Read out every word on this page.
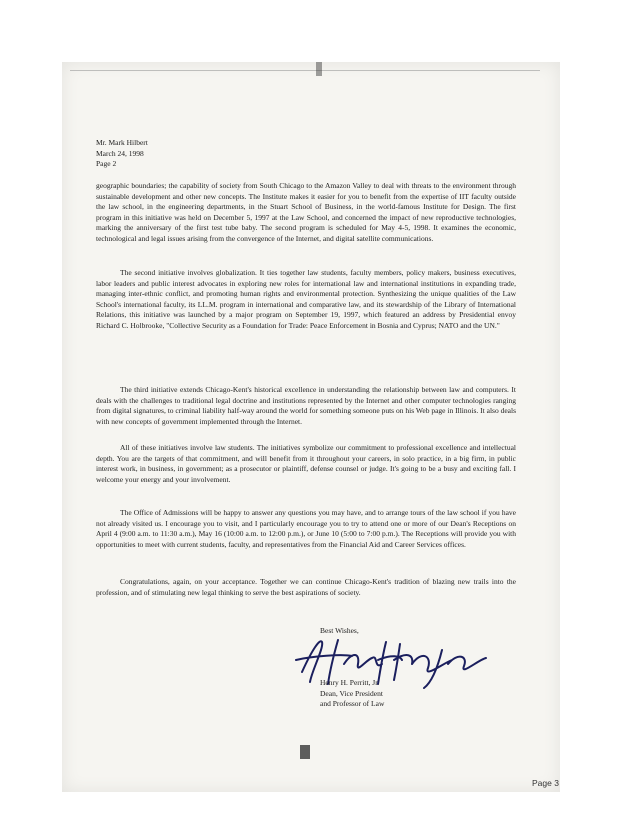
Mr. Mark Hilbert
March 24, 1998
Page 2

geographic boundaries; the capability of society from South Chicago to the Amazon Valley to deal with threats to the environment through sustainable development and other new concepts. The Institute makes it easier for you to benefit from the expertise of IIT faculty outside the law school, in the engineering departments, in the Stuart School of Business, in the world-famous Institute for Design. The first program in this initiative was held on December 5, 1997 at the Law School, and concerned the impact of new reproductive technologies, marking the anniversary of the first test tube baby. The second program is scheduled for May 4-5, 1998. It examines the economic, technological and legal issues arising from the convergence of the Internet, and digital satellite communications.

The second initiative involves globalization. It ties together law students, faculty members, policy makers, business executives, labor leaders and public interest advocates in exploring new roles for international law and international institutions in expanding trade, managing inter-ethnic conflict, and promoting human rights and environmental protection. Synthesizing the unique qualities of the Law School's international faculty, its LL.M. program in international and comparative law, and its stewardship of the Library of International Relations, this initiative was launched by a major program on September 19, 1997, which featured an address by Presidential envoy Richard C. Holbrooke, "Collective Security as a Foundation for Trade: Peace Enforcement in Bosnia and Cyprus; NATO and the UN."

The third initiative extends Chicago-Kent's historical excellence in understanding the relationship between law and computers. It deals with the challenges to traditional legal doctrine and institutions represented by the Internet and other computer technologies ranging from digital signatures, to criminal liability half-way around the world for something someone puts on his Web page in Illinois. It also deals with new concepts of government implemented through the Internet.

All of these initiatives involve law students. The initiatives symbolize our commitment to professional excellence and intellectual depth. You are the targets of that commitment, and will benefit from it throughout your careers, in solo practice, in a big firm, in public interest work, in business, in government; as a prosecutor or plaintiff, defense counsel or judge. It's going to be a busy and exciting fall. I welcome your energy and your involvement.

The Office of Admissions will be happy to answer any questions you may have, and to arrange tours of the law school if you have not already visited us. I encourage you to visit, and I particularly encourage you to try to attend one or more of our Dean's Receptions on April 4 (9:00 a.m. to 11:30 a.m.), May 16 (10:00 a.m. to 12:00 p.m.), or June 10 (5:00 to 7:00 p.m.). The Receptions will provide you with opportunities to meet with current students, faculty, and representatives from the Financial Aid and Career Services offices.

Congratulations, again, on your acceptance. Together we can continue Chicago-Kent's tradition of blazing new trails into the profession, and of stimulating new legal thinking to serve the best aspirations of society.

Best Wishes,
Henry H. Perritt, Jr.
Dean, Vice President
and Professor of Law
Page 3
